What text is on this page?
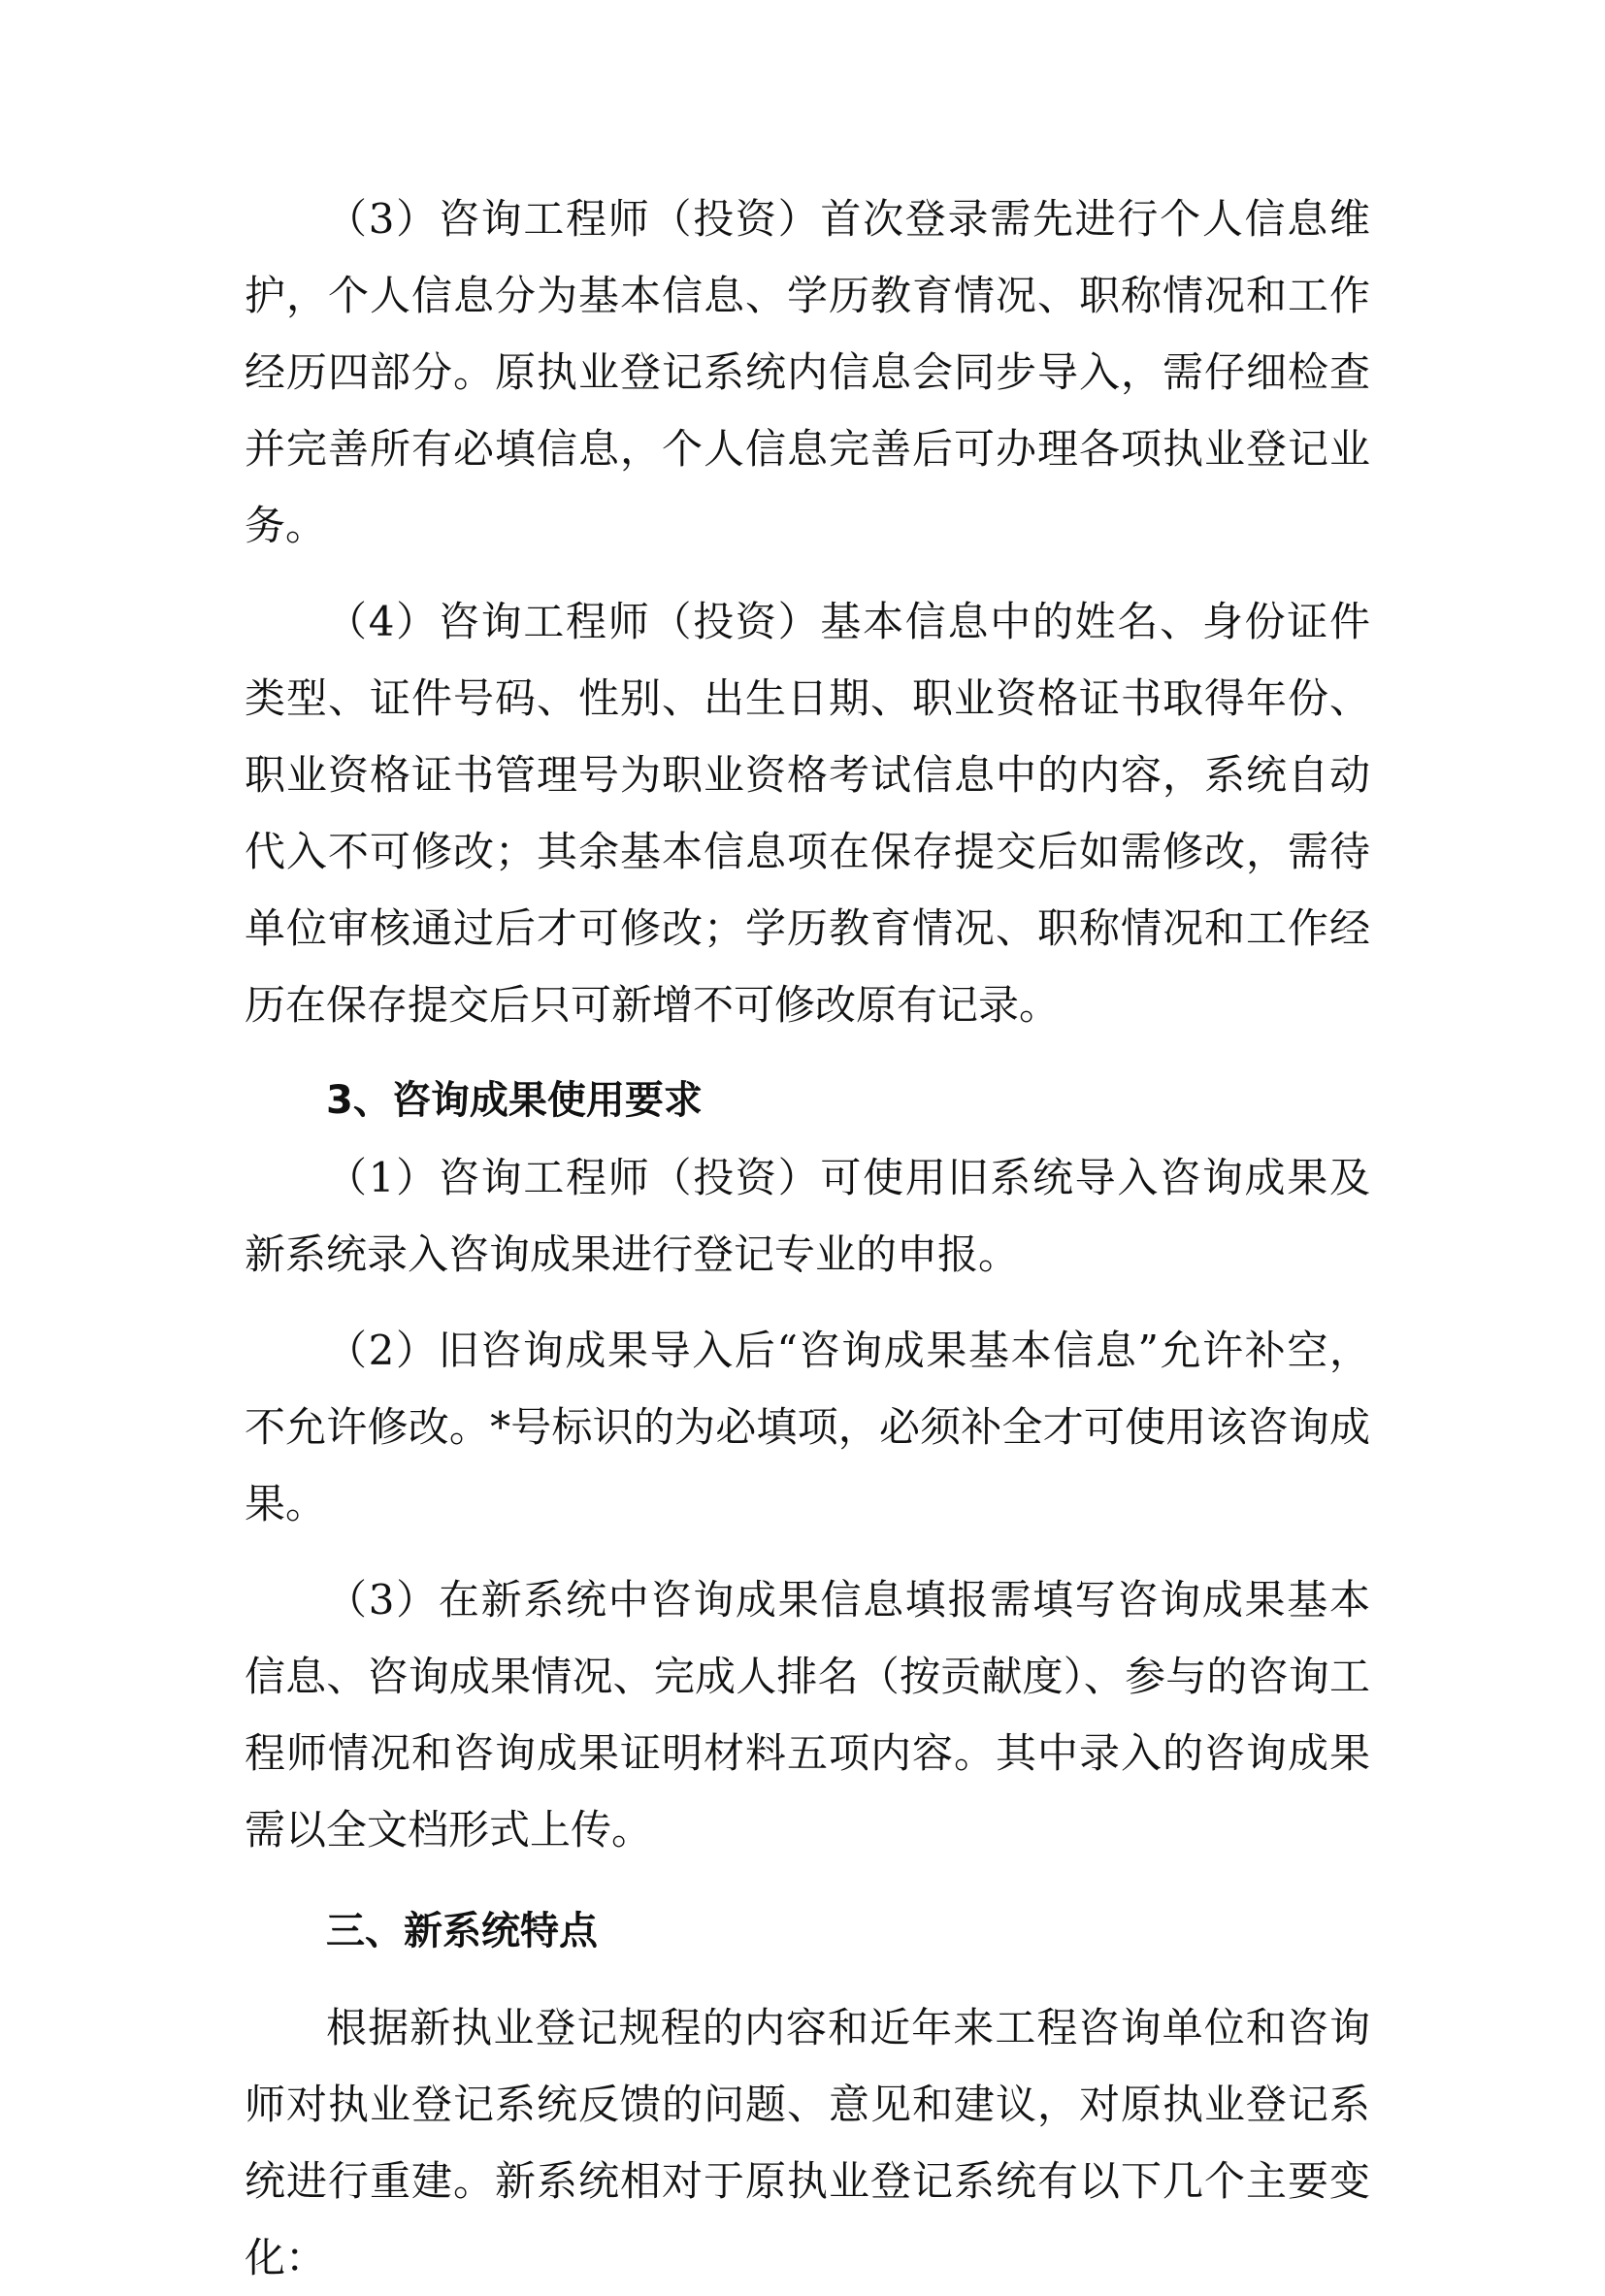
（3）咨询工程师（投资）首次登录需先进行个人信息维护，个人信息分为基本信息、学历教育情况、职称情况和工作经历四部分。原执业登记系统内信息会同步导入，需仔细检查并完善所有必填信息，个人信息完善后可办理各项执业登记业务。

（4）咨询工程师（投资）基本信息中的姓名、身份证件类型、证件号码、性别、出生日期、职业资格证书取得年份、职业资格证书管理号为职业资格考试信息中的内容，系统自动代入不可修改；其余基本信息项在保存提交后如需修改，需待单位审核通过后才可修改；学历教育情况、职称情况和工作经历在保存提交后只可新增不可修改原有记录。

3、咨询成果使用要求

（1）咨询工程师（投资）可使用旧系统导入咨询成果及新系统录入咨询成果进行登记专业的申报。

（2）旧咨询成果导入后“咨询成果基本信息”允许补空，不允许修改。*号标识的为必填项，必须补全才可使用该咨询成果。

（3）在新系统中咨询成果信息填报需填写咨询成果基本信息、咨询成果情况、完成人排名（按贡献度）、参与的咨询工程师情况和咨询成果证明材料五项内容。其中录入的咨询成果需以全文档形式上传。

三、新系统特点

根据新执业登记规程的内容和近年来工程咨询单位和咨询师对执业登记系统反馈的问题、意见和建议，对原执业登记系统进行重建。新系统相对于原执业登记系统有以下几个主要变化：
